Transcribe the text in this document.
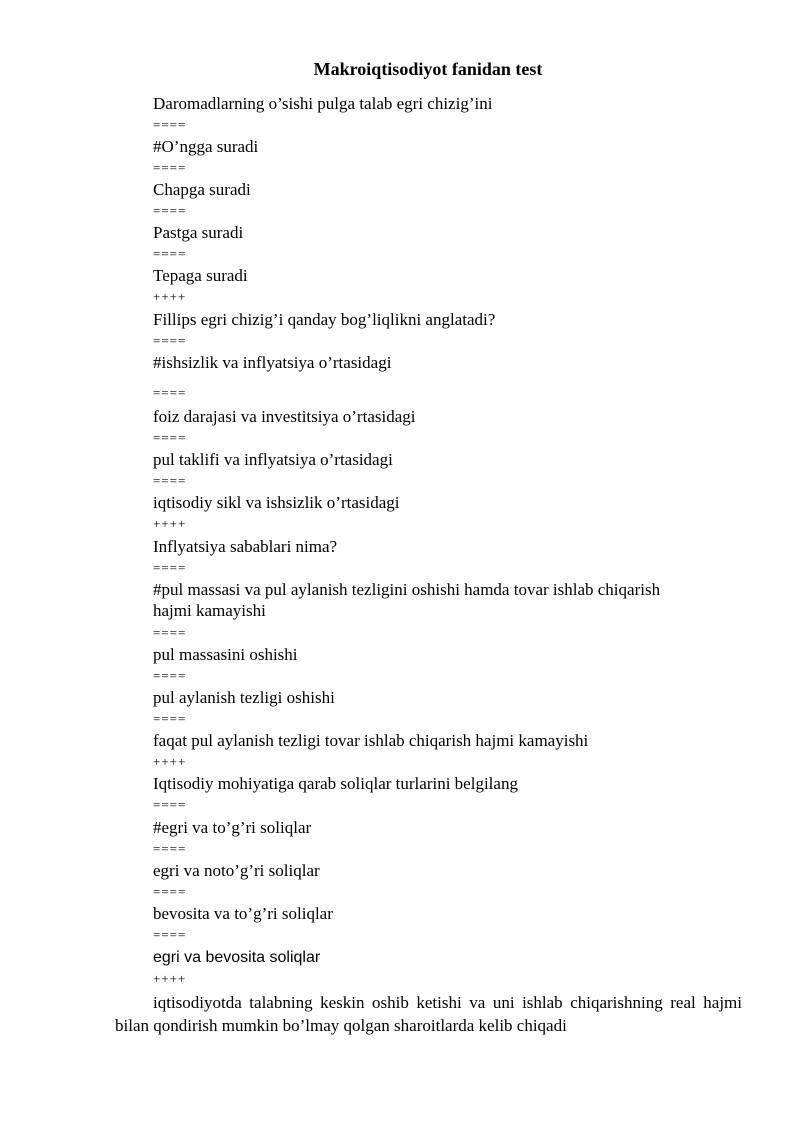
Makroiqtisodiyot fanidan test
Daromadlarning o’sishi pulga talab egri chizig’ini
====
#O’ngga suradi
====
Chapga suradi
====
Pastga suradi
====
Tepaga suradi
++++
Fillips egri chizig’i qanday bog’liqlikni anglatadi?
====
#ishsizlik va inflyatsiya o’rtasidagi
====
foiz darajasi va investitsiya o’rtasidagi
====
pul taklifi va inflyatsiya o’rtasidagi
====
iqtisodiy sikl va ishsizlik o’rtasidagi
++++
Inflyatsiya sabablari nima?
====
#pul massasi va pul aylanish tezligini oshishi hamda tovar ishlab chiqarish
hajmi kamayishi
====
pul massasini oshishi
====
pul aylanish tezligi oshishi
====
faqat pul aylanish tezligi tovar ishlab chiqarish hajmi kamayishi
++++
Iqtisodiy mohiyatiga qarab soliqlar turlarini belgilang
====
#egri va to’g’ri soliqlar
====
egri va noto’g’ri soliqlar
====
bevosita va to’g’ri soliqlar
====
egri va bevosita soliqlar
++++
iqtisodiyotda talabning keskin oshib ketishi va uni ishlab chiqarishning real hajmi bilan qondirish mumkin bo’lmay qolgan sharoitlarda kelib chiqadi
